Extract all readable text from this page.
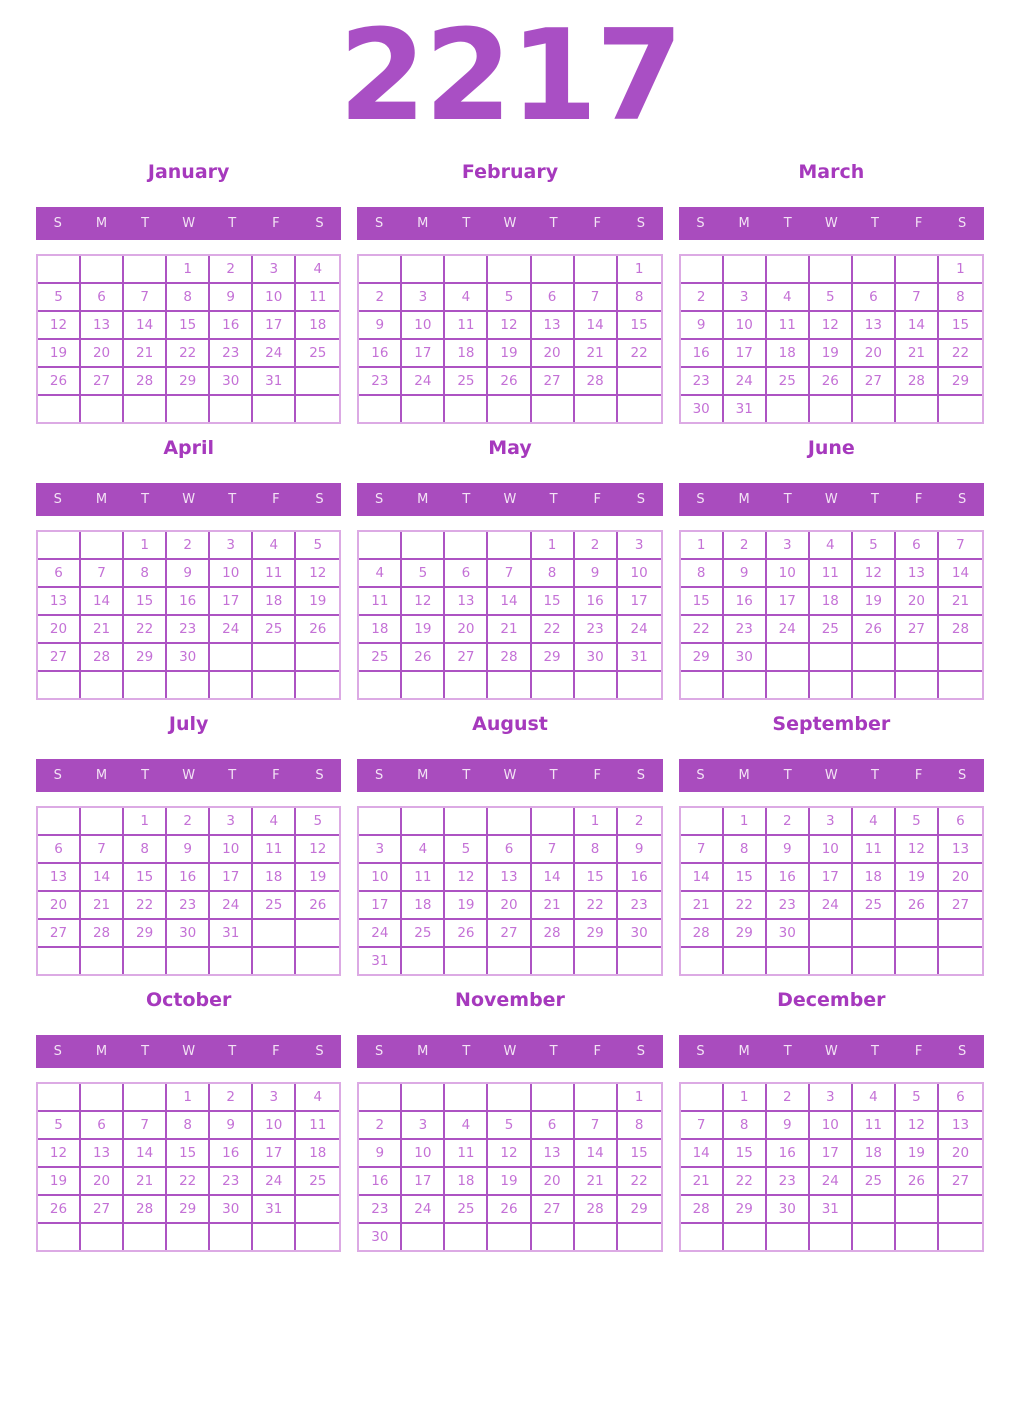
2217
January
S	M	T	W	T	F	S
			1	2	3	4
5	6	7	8	9	10	11
12	13	14	15	16	17	18
19	20	21	22	23	24	25
26	27	28	29	30	31	

February
S	M	T	W	T	F	S
						1
2	3	4	5	6	7	8
9	10	11	12	13	14	15
16	17	18	19	20	21	22
23	24	25	26	27	28	

March
S	M	T	W	T	F	S
						1
2	3	4	5	6	7	8
9	10	11	12	13	14	15
16	17	18	19	20	21	22
23	24	25	26	27	28	29
30	31					
April
S	M	T	W	T	F	S
		1	2	3	4	5
6	7	8	9	10	11	12
13	14	15	16	17	18	19
20	21	22	23	24	25	26
27	28	29	30			

May
S	M	T	W	T	F	S
				1	2	3
4	5	6	7	8	9	10
11	12	13	14	15	16	17
18	19	20	21	22	23	24
25	26	27	28	29	30	31

June
S	M	T	W	T	F	S
1	2	3	4	5	6	7
8	9	10	11	12	13	14
15	16	17	18	19	20	21
22	23	24	25	26	27	28
29	30					

July
S	M	T	W	T	F	S
		1	2	3	4	5
6	7	8	9	10	11	12
13	14	15	16	17	18	19
20	21	22	23	24	25	26
27	28	29	30	31		

August
S	M	T	W	T	F	S
					1	2
3	4	5	6	7	8	9
10	11	12	13	14	15	16
17	18	19	20	21	22	23
24	25	26	27	28	29	30
31						
September
S	M	T	W	T	F	S
	1	2	3	4	5	6
7	8	9	10	11	12	13
14	15	16	17	18	19	20
21	22	23	24	25	26	27
28	29	30				

October
S	M	T	W	T	F	S
			1	2	3	4
5	6	7	8	9	10	11
12	13	14	15	16	17	18
19	20	21	22	23	24	25
26	27	28	29	30	31	

November
S	M	T	W	T	F	S
						1
2	3	4	5	6	7	8
9	10	11	12	13	14	15
16	17	18	19	20	21	22
23	24	25	26	27	28	29
30						
December
S	M	T	W	T	F	S
	1	2	3	4	5	6
7	8	9	10	11	12	13
14	15	16	17	18	19	20
21	22	23	24	25	26	27
28	29	30	31			
